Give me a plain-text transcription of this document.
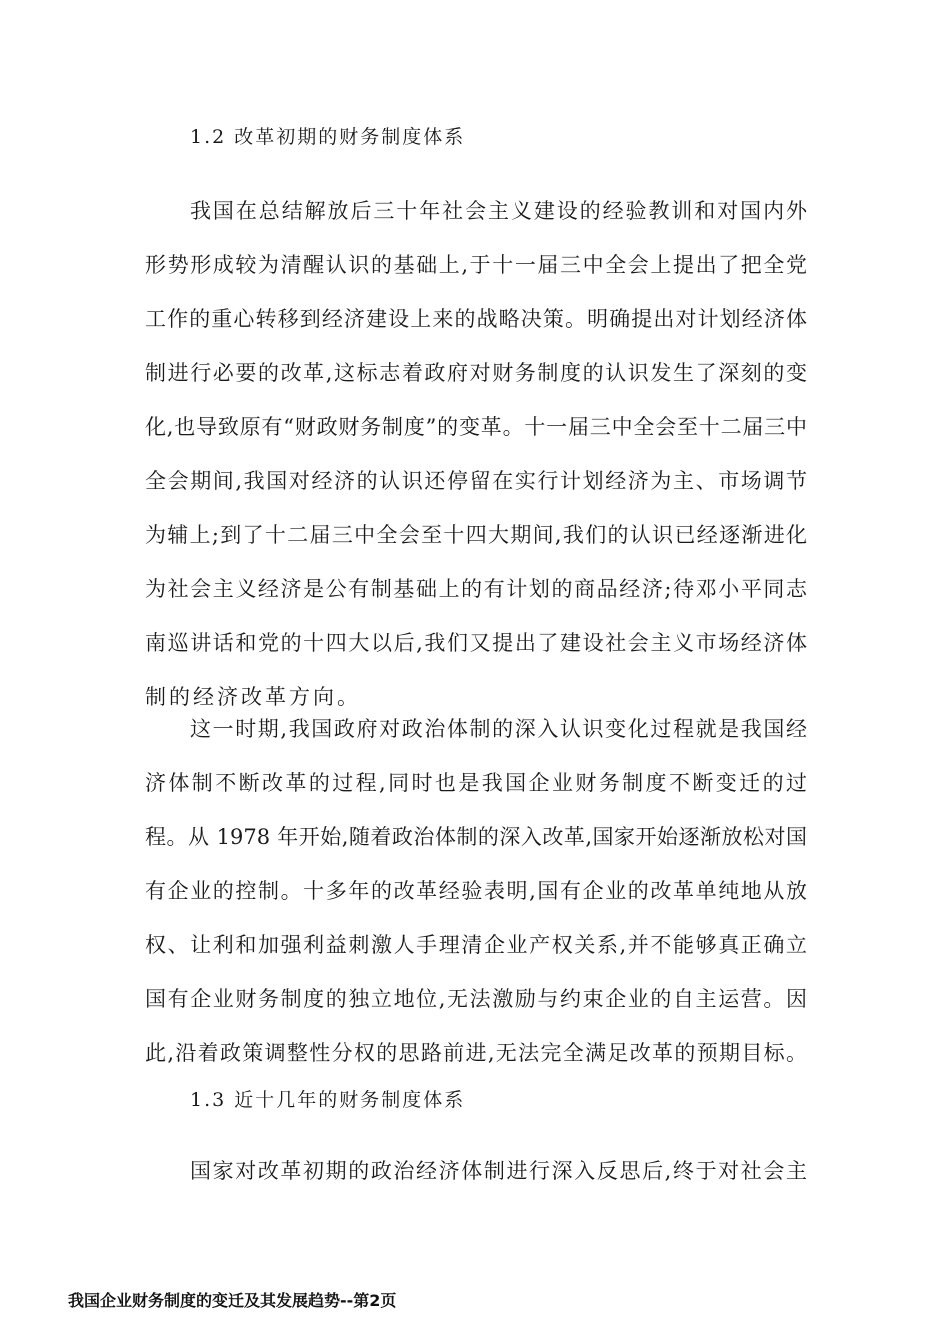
1.2 改革初期的财务制度体系
我国在总结解放后三十年社会主义建设的经验教训和对国内外
形势形成较为清醒认识的基础上,于十一届三中全会上提出了把全党
工作的重心转移到经济建设上来的战略决策。明确提出对计划经济体
制进行必要的改革,这标志着政府对财务制度的认识发生了深刻的变
化,也导致原有“财政财务制度”的变革。十一届三中全会至十二届三中
全会期间,我国对经济的认识还停留在实行计划经济为主、市场调节
为辅上;到了十二届三中全会至十四大期间,我们的认识已经逐渐进化
为社会主义经济是公有制基础上的有计划的商品经济;待邓小平同志
南巡讲话和党的十四大以后,我们又提出了建设社会主义市场经济体
制的经济改革方向。
这一时期,我国政府对政治体制的深入认识变化过程就是我国经
济体制不断改革的过程,同时也是我国企业财务制度不断变迁的过
程。从 1978 年开始,随着政治体制的深入改革,国家开始逐渐放松对国
有企业的控制。十多年的改革经验表明,国有企业的改革单纯地从放
权、让利和加强利益刺激人手理清企业产权关系,并不能够真正确立
国有企业财务制度的独立地位,无法激励与约束企业的自主运营。因
此,沿着政策调整性分权的思路前进,无法完全满足改革的预期目标。
1.3 近十几年的财务制度体系
国家对改革初期的政治经济体制进行深入反思后,终于对社会主
我国企业财务制度的变迁及其发展趋势--第2页
